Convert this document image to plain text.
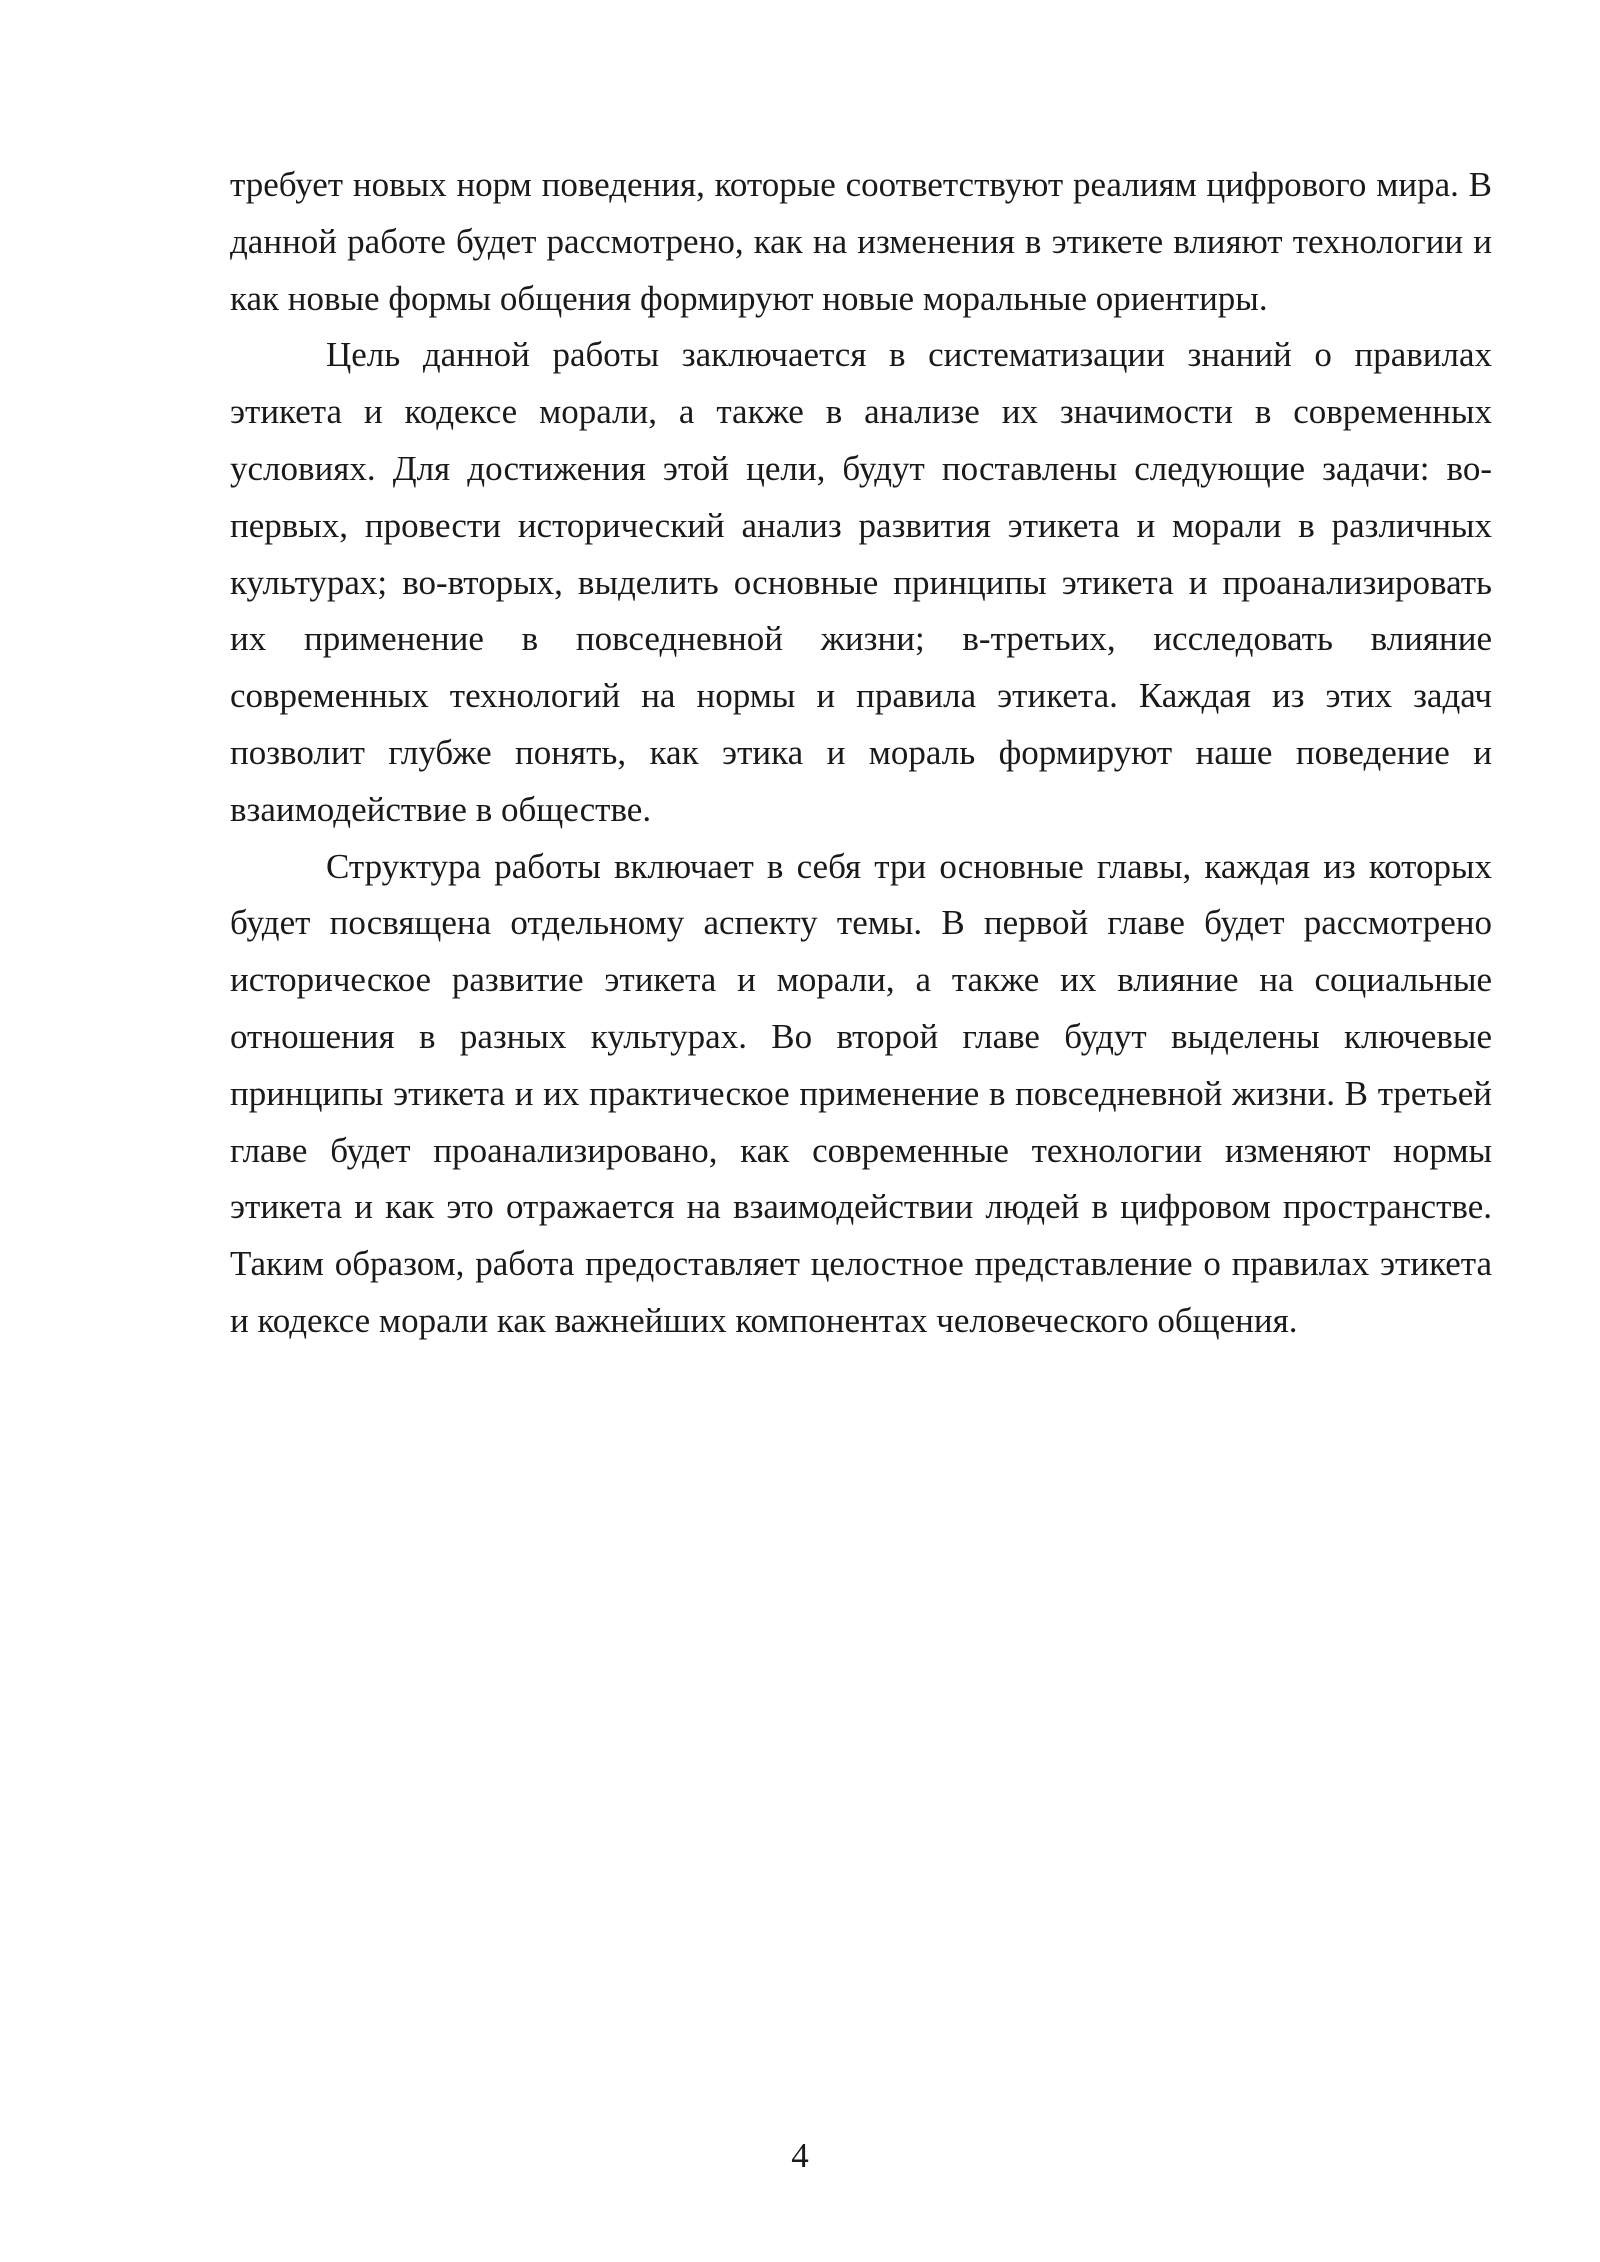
требует новых норм поведения, которые соответствуют реалиям цифрового мира. В данной работе будет рассмотрено, как на изменения в этикете влияют технологии и как новые формы общения формируют новые моральные ориентиры.

Цель данной работы заключается в систематизации знаний о правилах этикета и кодексе морали, а также в анализе их значимости в современных условиях. Для достижения этой цели, будут поставлены следующие задачи: во-первых, провести исторический анализ развития этикета и морали в различных культурах; во-вторых, выделить основные принципы этикета и проанализировать их применение в повседневной жизни; в-третьих, исследовать влияние современных технологий на нормы и правила этикета. Каждая из этих задач позволит глубже понять, как этика и мораль формируют наше поведение и взаимодействие в обществе.

Структура работы включает в себя три основные главы, каждая из которых будет посвящена отдельному аспекту темы. В первой главе будет рассмотрено историческое развитие этикета и морали, а также их влияние на социальные отношения в разных культурах. Во второй главе будут выделены ключевые принципы этикета и их практическое применение в повседневной жизни. В третьей главе будет проанализировано, как современные технологии изменяют нормы этикета и как это отражается на взаимодействии людей в цифровом пространстве. Таким образом, работа предоставляет целостное представление о правилах этикета и кодексе морали как важнейших компонентах человеческого общения.

4
